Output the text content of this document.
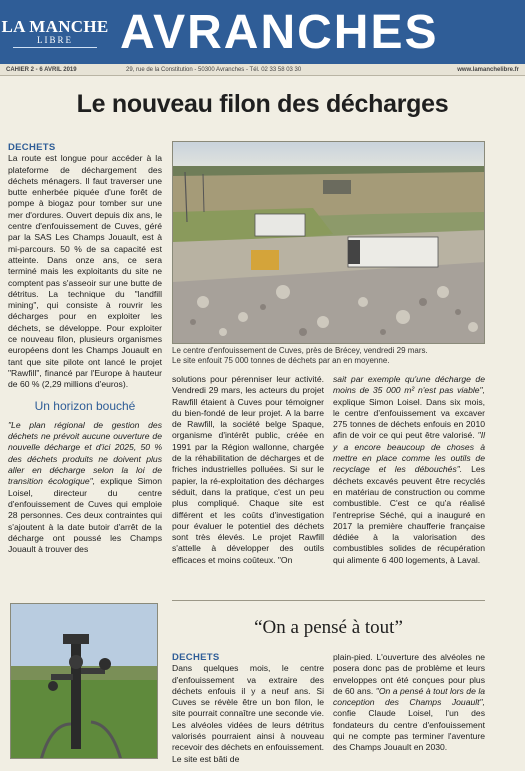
LA MANCHE
LIBRE AVRANCHES
CAHIER 2 - 6 AVRIL 2019	29, rue de la Constitution - 50300 Avranches - Tél. 02 33 58 03 30	www.lamanchelibre.fr
Le nouveau filon des décharges
DECHETS

La route est longue pour accéder à la plateforme de déchargement des déchets ménagers. Il faut traverser une butte enherbée piquée d'une forêt de pompe à biogaz pour tomber sur une mer d'ordures. Ouvert depuis dix ans, le centre d'enfouissement de Cuves, géré par la SAS Les Champs Jouault, est à mi-parcours. 50 % de sa capacité est atteinte. Dans onze ans, ce sera terminé mais les exploitants du site ne comptent pas s'asseoir sur une butte de détritus. La technique du "landfill mining", qui consiste à rouvrir les décharges pour en exploiter les déchets, se développe. Pour exploiter ce nouveau filon, plusieurs organismes européens dont les Champs Jouault en tant que site pilote ont lancé le projet "Rawfill", financé par l'Europe à hauteur de 60 % (2,29 millions d'euros).

Un horizon bouché

"Le plan régional de gestion des déchets ne prévoit aucune ouverture de nouvelle décharge et d'ici 2025, 50 % des déchets produits ne doivent plus aller en décharge selon la loi de transition écologique", explique Simon Loisel, directeur du centre d'enfouissement de Cuves qui emploie 28 personnes. Ces deux contraintes qui s'ajoutent à la date butoir d'arrêt de la décharge ont poussé les Champs Jouault à trouver des

Le centre d'enfouissement de Cuves, près de Brécey, vendredi 29 mars.
Le site enfouit 75 000 tonnes de déchets par an en moyenne.

solutions pour pérenniser leur activité. Vendredi 29 mars, les acteurs du projet Rawfill étaient à Cuves pour témoigner du bien-fondé de leur projet. A la barre de Rawfill, la société belge Spaque, organisme d'intérêt public, créée en 1991 par la Région wallonne, chargée de la réhabilitation de décharges et de friches industrielles polluées. Si sur le papier, la ré-exploitation des décharges séduit, dans la pratique, c'est un peu plus compliqué. Chaque site est différent et les coûts d'investigation pour évaluer le potentiel des déchets sont très élevés. Le projet Rawfill s'attelle à développer des outils efficaces et moins coûteux. "On

sait par exemple qu'une décharge de moins de 35 000 m² n'est pas viable", explique Simon Loisel. Dans six mois, le centre d'enfouissement va excaver 275 tonnes de déchets enfouis en 2010 afin de voir ce qui peut être valorisé. "Il y a encore beaucoup de choses à mettre en place comme les outils de recyclage et les débouchés". Les déchets excavés peuvent être recyclés en matériau de construction ou comme combustible. C'est ce qu'a réalisé l'entreprise Séché, qui a inauguré en 2017 la première chaufferie française dédiée à la valorisation des combustibles solides de récupération qui alimente 6 400 logements, à Laval.

“On a pensé à tout”
DECHETS

Dans quelques mois, le centre d'enfouissement va extraire des déchets enfouis il y a neuf ans. Si Cuves se révèle être un bon filon, le site pourrait connaître une seconde vie. Les alvéoles vidées de leurs détritus valorisés pourraient ainsi à nouveau recevoir des déchets en enfouissement. Le site est bâti de

plain-pied. L'ouverture des alvéoles ne posera donc pas de problème et leurs enveloppes ont été conçues pour plus de 60 ans. "On a pensé à tout lors de la conception des Champs Jouault", confie Claude Loisel, l'un des fondateurs du centre d'enfouissement qui ne compte pas terminer l'aventure des Champs Jouault en 2030.
